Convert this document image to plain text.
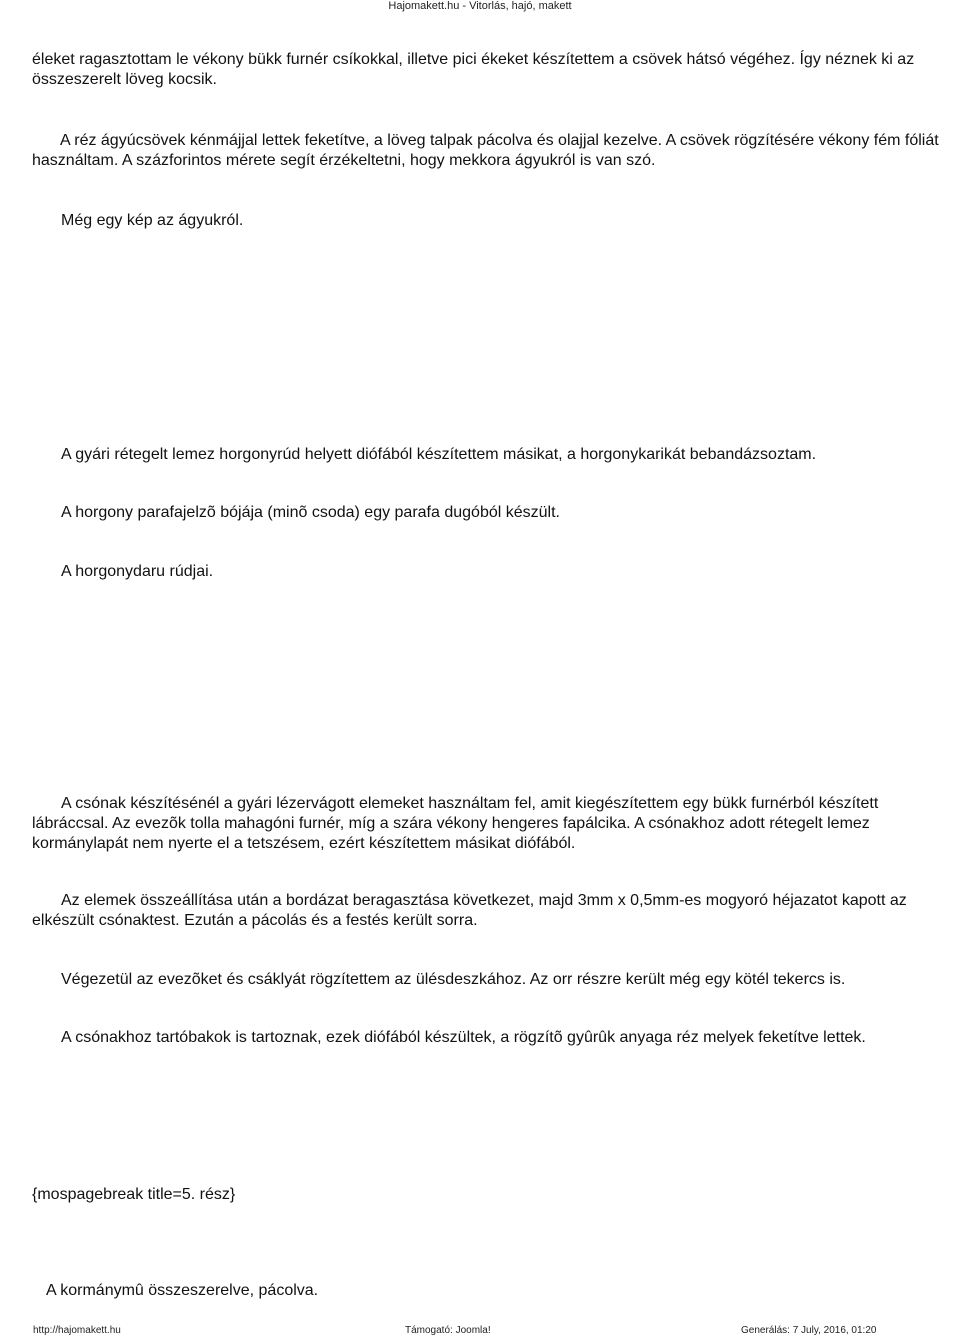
Hajomakett.hu - Vitorlás, hajó, makett

éleket ragasztottam le vékony bükk furnér csíkokkal, illetve pici ékeket készítettem a csövek hátsó végéhez. Így néznek ki az összeszerelt löveg kocsik.

A réz ágyúcsövek kénmájjal lettek feketítve, a löveg talpak pácolva és olajjal kezelve. A csövek rögzítésére vékony fém fóliát használtam. A százforintos mérete segít érzékeltetni, hogy mekkora ágyukról is van szó.

Még egy kép az ágyukról.

A gyári rétegelt lemez horgonyrúd helyett diófából készítettem másikat, a horgonykarikát bebandázsoztam.

A horgony parafajelzõ bójája (minõ csoda) egy parafa dugóból készült.

A horgonydaru rúdjai.

A csónak készítésénél a gyári lézervágott elemeket használtam fel, amit kiegészítettem egy bükk furnérból készített lábráccsal. Az evezõk tolla mahagóni furnér, míg a szára vékony hengeres fapálcika. A csónakhoz adott rétegelt lemez kormánylapát nem nyerte el a tetszésem, ezért készítettem másikat diófából.

Az elemek összeállítása után a bordázat beragasztása következet, majd 3mm x 0,5mm-es mogyoró héjazatot kapott az elkészült csónaktest. Ezután a pácolás és a festés került sorra.

Végezetül az evezõket és csáklyát rögzítettem az ülésdeszkához. Az orr részre került még egy kötél tekercs is.

A csónakhoz tartóbakok is tartoznak, ezek diófából készültek, a rögzítõ gyûrûk anyaga réz melyek feketítve lettek.

{mospagebreak title=5. rész}

A kormánymû összeszerelve, pácolva.

http://hajomakett.hu	Támogató: Joomla!	Generálás: 7 July, 2016, 01:20
